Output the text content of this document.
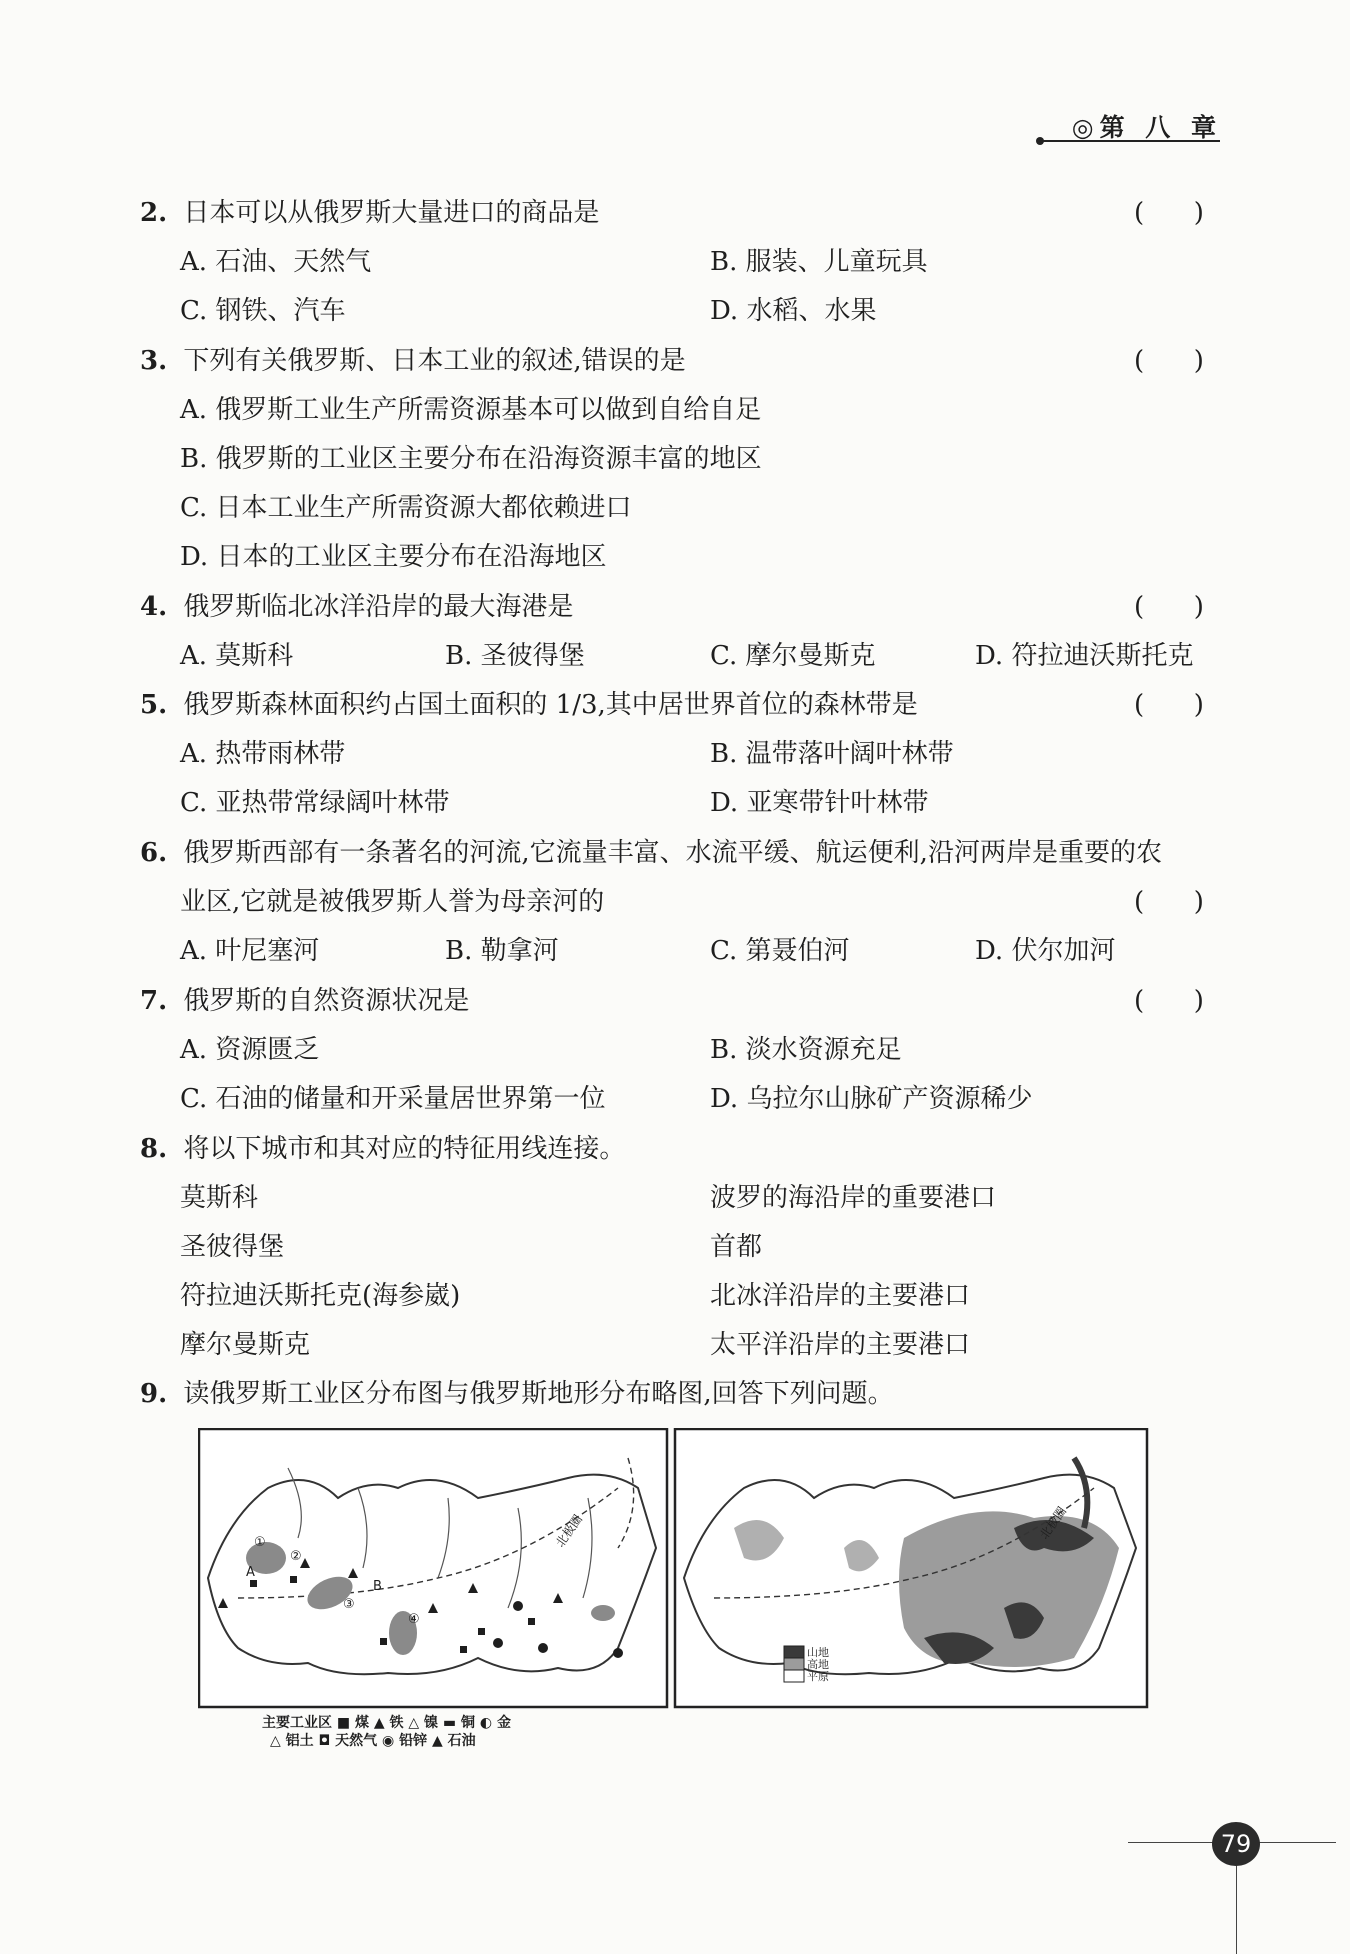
◎第 八 章
2. 日本可以从俄罗斯大量进口的商品是	(      )
A. 石油、天然气	B. 服装、儿童玩具
C. 钢铁、汽车	D. 水稻、水果
3. 下列有关俄罗斯、日本工业的叙述,错误的是	(      )
A. 俄罗斯工业生产所需资源基本可以做到自给自足
B. 俄罗斯的工业区主要分布在沿海资源丰富的地区
C. 日本工业生产所需资源大都依赖进口
D. 日本的工业区主要分布在沿海地区
4. 俄罗斯临北冰洋沿岸的最大海港是	(      )
A. 莫斯科	B. 圣彼得堡	C. 摩尔曼斯克	D. 符拉迪沃斯托克
5. 俄罗斯森林面积约占国土面积的 1/3,其中居世界首位的森林带是	(      )
A. 热带雨林带	B. 温带落叶阔叶林带
C. 亚热带常绿阔叶林带	D. 亚寒带针叶林带
6. 俄罗斯西部有一条著名的河流,它流量丰富、水流平缓、航运便利,沿河两岸是重要的农
业区,它就是被俄罗斯人誉为母亲河的	(      )
A. 叶尼塞河	B. 勒拿河	C. 第聂伯河	D. 伏尔加河
7. 俄罗斯的自然资源状况是	(      )
A. 资源匮乏	B. 淡水资源充足
C. 石油的储量和开采量居世界第一位	D. 乌拉尔山脉矿产资源稀少
8. 将以下城市和其对应的特征用线连接。
莫斯科	波罗的海沿岸的重要港口
圣彼得堡	首都
符拉迪沃斯托克(海参崴)	北冰洋沿岸的主要港口
摩尔曼斯克	太平洋沿岸的主要港口
9. 读俄罗斯工业区分布图与俄罗斯地形分布略图,回答下列问题。
①
②
③
④
B
A
北极圈	北极圈
山地
高地
平原
主要工业区 ■ 煤 ▲ 铁 △ 镍 ▬ 铜 ◐ 金
△ 铝土 ◘ 天然气 ◉ 铅锌 ▲ 石油
79
